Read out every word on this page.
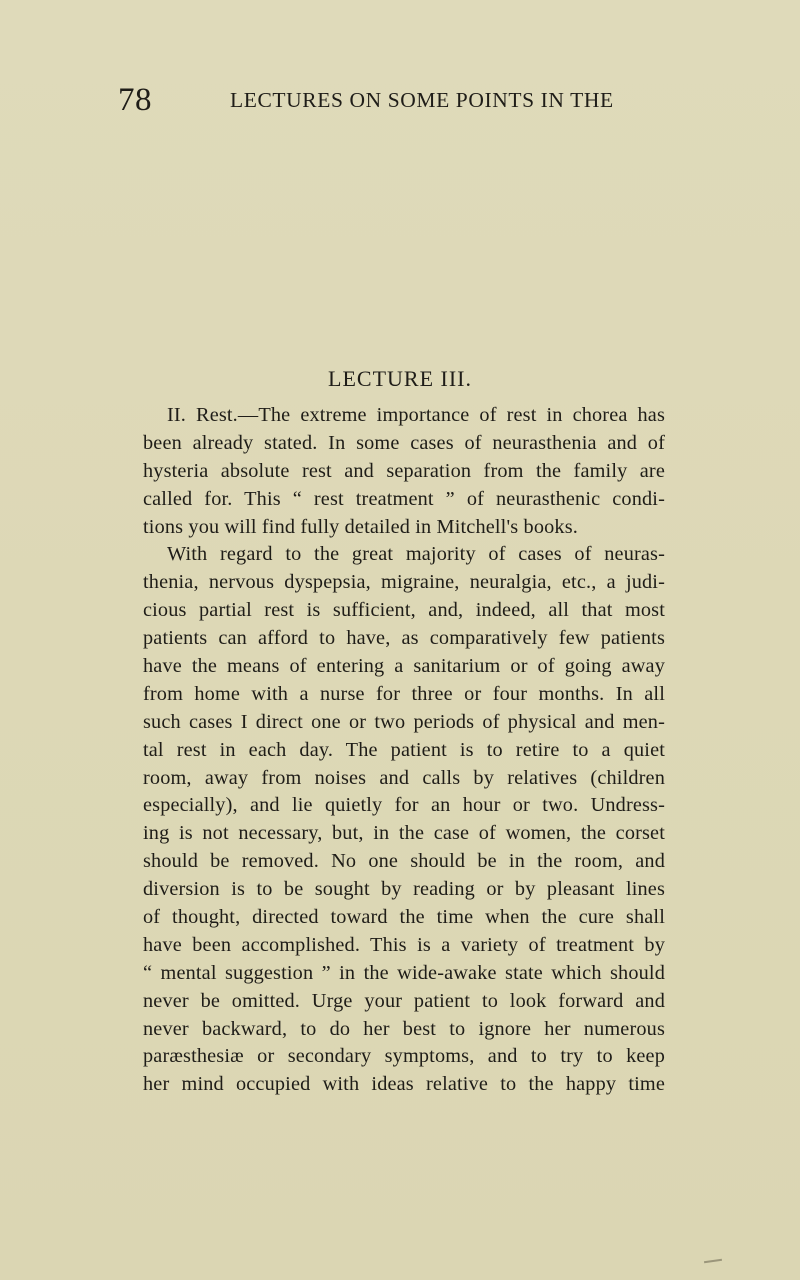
78	LECTURES ON SOME POINTS IN THE
LECTURE III.
II. Rest.—The extreme importance of rest in chorea has
been already stated. In some cases of neurasthenia and of
hysteria absolute rest and separation from the family are
called for. This “ rest treatment ” of neurasthenic condi-
tions you will find fully detailed in Mitchell's books.
With regard to the great majority of cases of neuras-
thenia, nervous dyspepsia, migraine, neuralgia, etc., a judi-
cious partial rest is sufficient, and, indeed, all that most
patients can afford to have, as comparatively few patients
have the means of entering a sanitarium or of going away
from home with a nurse for three or four months. In all
such cases I direct one or two periods of physical and men-
tal rest in each day. The patient is to retire to a quiet
room, away from noises and calls by relatives (children
especially), and lie quietly for an hour or two. Undress-
ing is not necessary, but, in the case of women, the corset
should be removed. No one should be in the room, and
diversion is to be sought by reading or by pleasant lines
of thought, directed toward the time when the cure shall
have been accomplished. This is a variety of treatment by
“ mental suggestion ” in the wide-awake state which should
never be omitted. Urge your patient to look forward and
never backward, to do her best to ignore her numerous
paræsthesiæ or secondary symptoms, and to try to keep
her mind occupied with ideas relative to the happy time
